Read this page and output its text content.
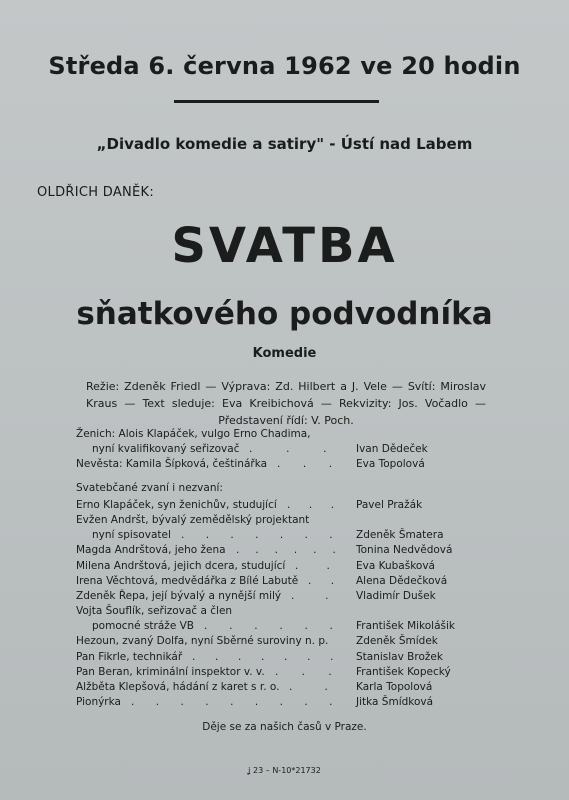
Středa 6. června 1962 ve 20 hodin
„Divadlo komedie a satiry" - Ústí nad Labem
OLDŘICH DANĚK:
SVATBA
sňatkového podvodníka
Komedie
Režie: Zdeněk Friedl — Výprava: Zd. Hilbert a J. Vele — Svítí: Miroslav
Kraus — Text sleduje: Eva Kreibichová — Rekvizity: Jos. Vočadlo —
Představení řídí: V. Poch.
Ženich: Alois Klapáček, vulgo Erno Chadima,
nyní kvalifikovaný seřizovač . . . Ivan Dědeček
Nevěsta: Kamila Šípková, češtinářka . . . Eva Topolová
Svatebčané zvaní i nezvaní:
Erno Klapáček, syn ženichův, studující . . . Pavel Pražák
Evžen Andršt, bývalý zemědělský projektant
nyní spisovatel . . . . . . . Zdeněk Šmatera
Magda Andrštová, jeho žena . . . . . . Tonina Nedvědová
Milena Andrštová, jejich dcera, studující . . Eva Kubašková
Irena Věchtová, medvědářka z Bílé Labutě . . Alena Dědečková
Zdeněk Řepa, její bývalý a nynější milý . . Vladimír Dušek
Vojta Šouflík, seřizovač a člen
pomocné stráže VB . . . . . . František Mikolášik
Hezoun, zvaný Dolfa, nyní Sběrné suroviny n. p.	Zdeněk Šmídek
Pan Fikrle, technikář . . . . . . . Stanislav Brožek
Pan Beran, kriminální inspektor v. v. . . . František Kopecký
Alžběta Klepšová, hádání z karet s r. o. . . Karla Topolová
Pionýrka . . . . . . . . . Jitka Šmídková
Děje se za našich časů v Praze.
ʝ 23 – N-10*21732
